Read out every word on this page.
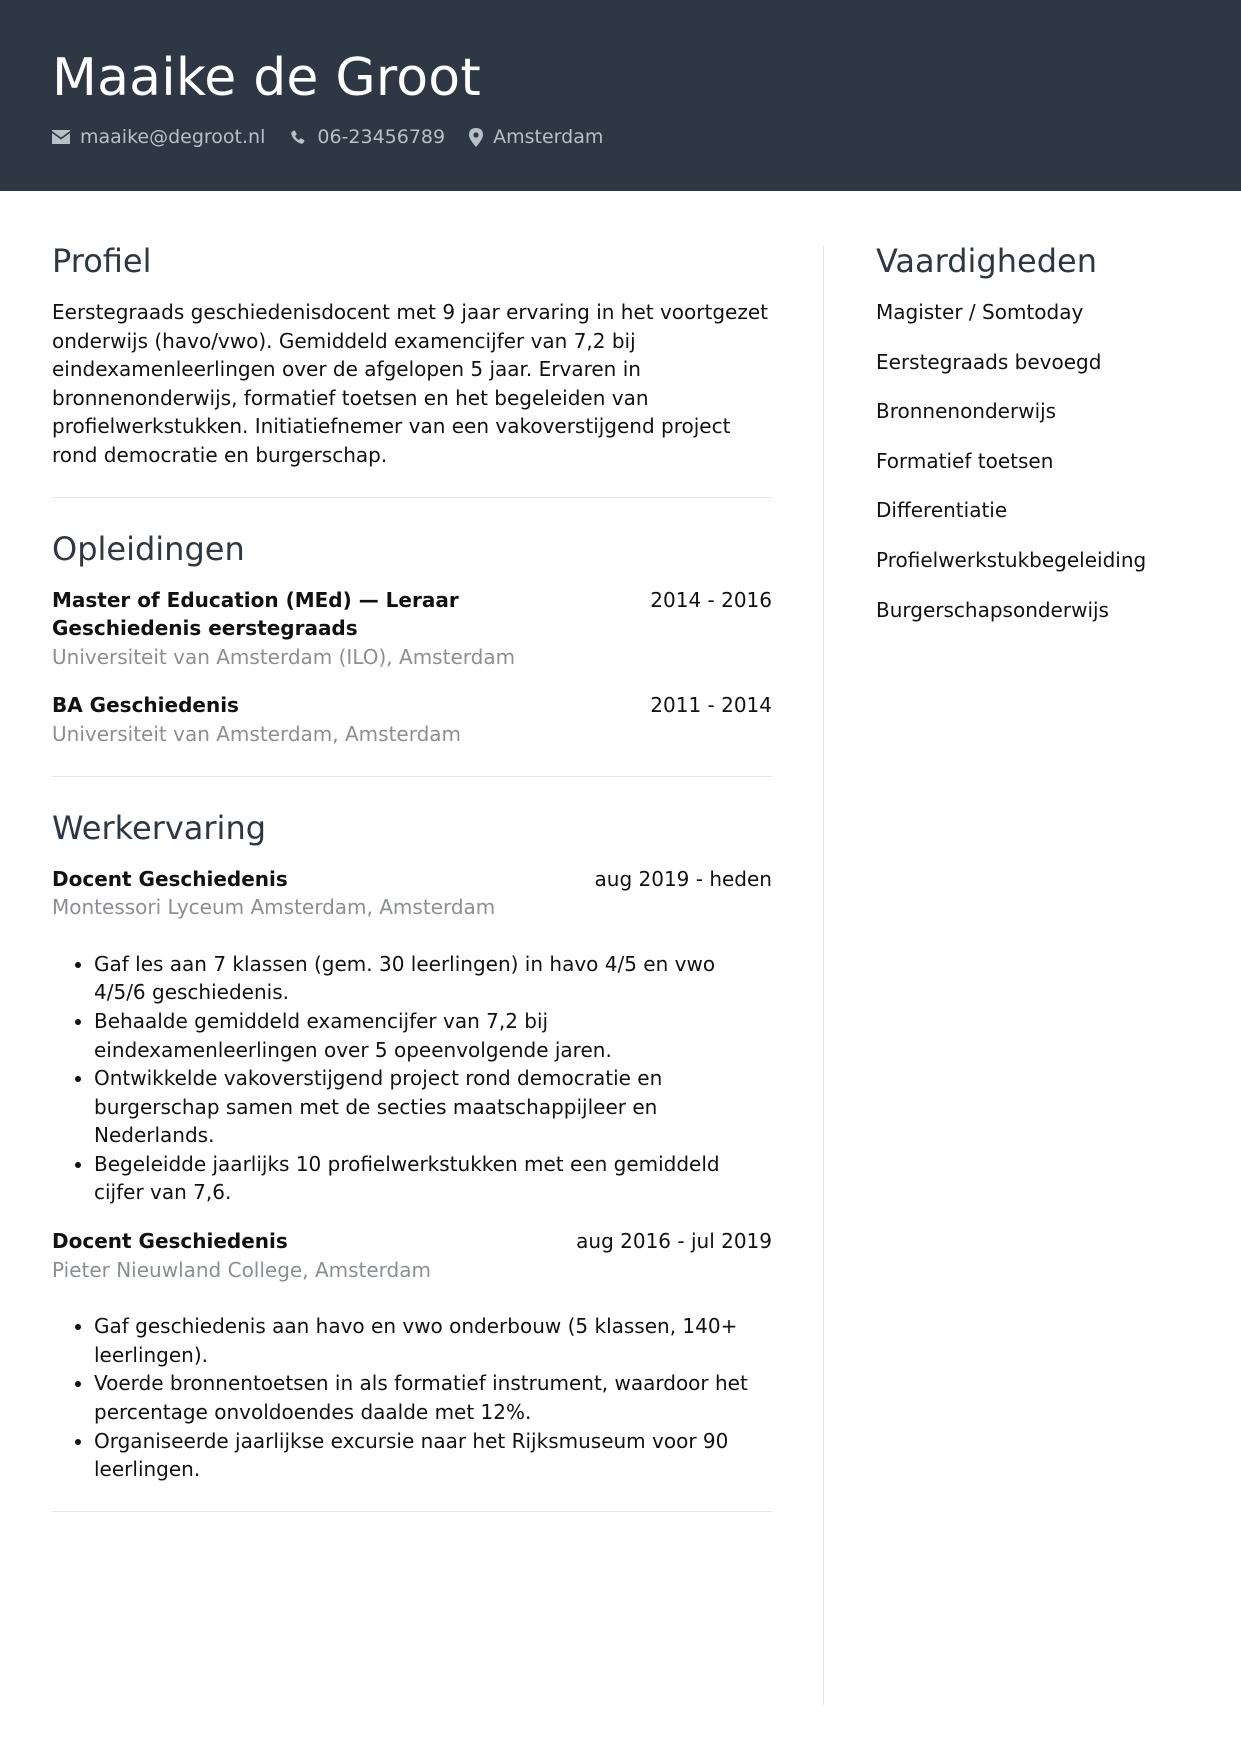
Maaike de Groot
maaike@degroot.nl	06-23456789	Amsterdam
Profiel

Eerstegraads geschiedenisdocent met 9 jaar ervaring in het voortgezet onderwijs (havo/vwo). Gemiddeld examencijfer van 7,2 bij eindexamenleerlingen over de afgelopen 5 jaar. Ervaren in bronnenonderwijs, formatief toetsen en het begeleiden van profielwerkstukken. Initiatiefnemer van een vakoverstijgend project rond democratie en burgerschap.

Opleidingen
Master of Education (MEd) — Leraar Geschiedenis eerstegraads
2014 - 2016
Universiteit van Amsterdam (ILO), Amsterdam
BA Geschiedenis	2011 - 2014
Universiteit van Amsterdam, Amsterdam
Werkervaring
Docent Geschiedenis	aug 2019 - heden
Montessori Lyceum Amsterdam, Amsterdam
• Gaf les aan 7 klassen (gem. 30 leerlingen) in havo 4/5 en vwo 4/5/6 geschiedenis.
• Behaalde gemiddeld examencijfer van 7,2 bij eindexamenleerlingen over 5 opeenvolgende jaren.
• Ontwikkelde vakoverstijgend project rond democratie en burgerschap samen met de secties maatschappijleer en Nederlands.
• Begeleidde jaarlijks 10 profielwerkstukken met een gemiddeld cijfer van 7,6.
Docent Geschiedenis	aug 2016 - jul 2019
Pieter Nieuwland College, Amsterdam
• Gaf geschiedenis aan havo en vwo onderbouw (5 klassen, 140+ leerlingen).
• Voerde bronnentoetsen in als formatief instrument, waardoor het percentage onvoldoendes daalde met 12%.
• Organiseerde jaarlijkse excursie naar het Rijksmuseum voor 90 leerlingen.
Vaardigheden
Magister / Somtoday
Eerstegraads bevoegd
Bronnenonderwijs
Formatief toetsen
Differentiatie
Profielwerkstukbegeleiding
Burgerschapsonderwijs
